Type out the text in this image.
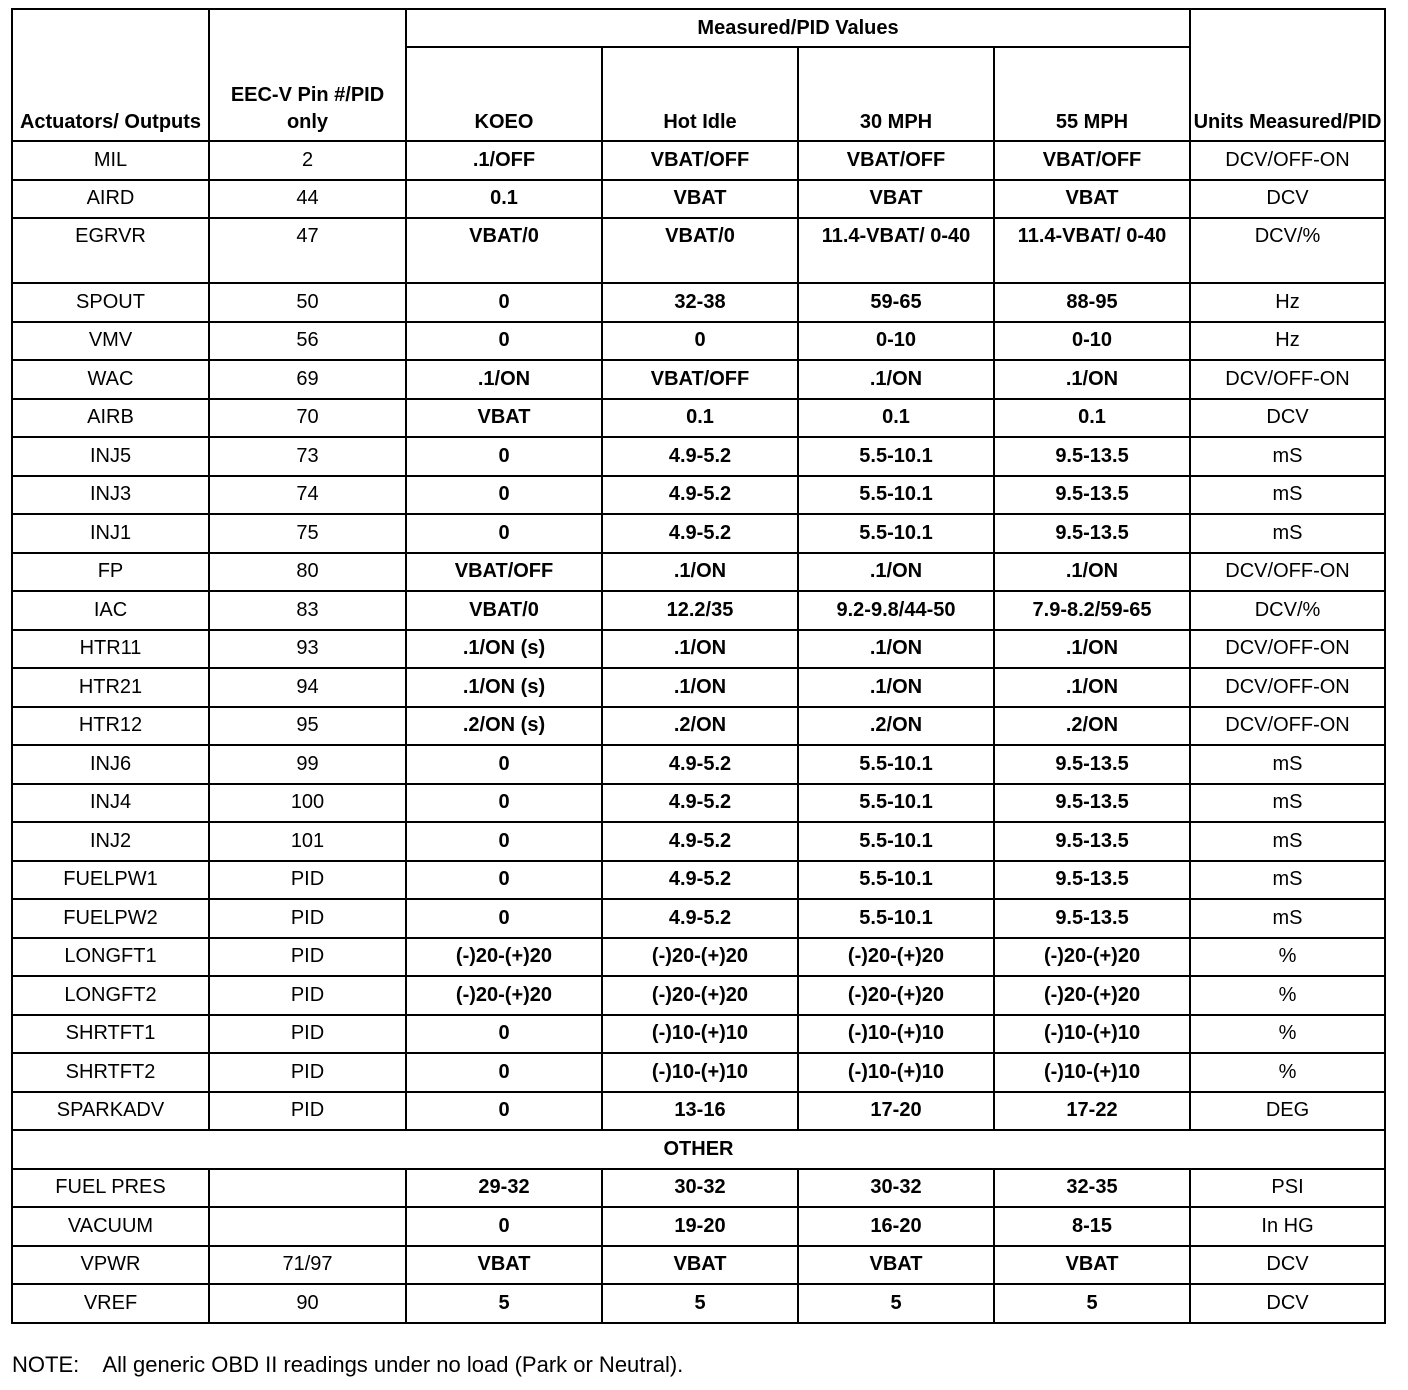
Actuators/ Outputs	EEC-V Pin #/PID only	Measured/PID Values				Units Measured/PID
		KOEO	Hot Idle	30 MPH	55 MPH	
MIL	2	.1/OFF	VBAT/OFF	VBAT/OFF	VBAT/OFF	DCV/OFF-ON
AIRD	44	0.1	VBAT	VBAT	VBAT	DCV
EGRVR	47	VBAT/0	VBAT/0	11.4-VBAT/ 0-40	11.4-VBAT/ 0-40	DCV/%
SPOUT	50	0	32-38	59-65	88-95	Hz
VMV	56	0	0	0-10	0-10	Hz
WAC	69	.1/ON	VBAT/OFF	.1/ON	.1/ON	DCV/OFF-ON
AIRB	70	VBAT	0.1	0.1	0.1	DCV
INJ5	73	0	4.9-5.2	5.5-10.1	9.5-13.5	mS
INJ3	74	0	4.9-5.2	5.5-10.1	9.5-13.5	mS
INJ1	75	0	4.9-5.2	5.5-10.1	9.5-13.5	mS
FP	80	VBAT/OFF	.1/ON	.1/ON	.1/ON	DCV/OFF-ON
IAC	83	VBAT/0	12.2/35	9.2-9.8/44-50	7.9-8.2/59-65	DCV/%
HTR11	93	.1/ON (s)	.1/ON	.1/ON	.1/ON	DCV/OFF-ON
HTR21	94	.1/ON (s)	.1/ON	.1/ON	.1/ON	DCV/OFF-ON
HTR12	95	.2/ON (s)	.2/ON	.2/ON	.2/ON	DCV/OFF-ON
INJ6	99	0	4.9-5.2	5.5-10.1	9.5-13.5	mS
INJ4	100	0	4.9-5.2	5.5-10.1	9.5-13.5	mS
INJ2	101	0	4.9-5.2	5.5-10.1	9.5-13.5	mS
FUELPW1	PID	0	4.9-5.2	5.5-10.1	9.5-13.5	mS
FUELPW2	PID	0	4.9-5.2	5.5-10.1	9.5-13.5	mS
LONGFT1	PID	(-)20-(+)20	(-)20-(+)20	(-)20-(+)20	(-)20-(+)20	%
LONGFT2	PID	(-)20-(+)20	(-)20-(+)20	(-)20-(+)20	(-)20-(+)20	%
SHRTFT1	PID	0	(-)10-(+)10	(-)10-(+)10	(-)10-(+)10	%
SHRTFT2	PID	0	(-)10-(+)10	(-)10-(+)10	(-)10-(+)10	%
SPARKADV	PID	0	13-16	17-20	17-22	DEG
OTHER						
FUEL PRES		29-32	30-32	30-32	32-35	PSI
VACUUM		0	19-20	16-20	8-15	In HG
VPWR	71/97	VBAT	VBAT	VBAT	VBAT	DCV
VREF	90	5	5	5	5	DCV

NOTE:    All generic OBD II readings under no load (Park or Neutral).
